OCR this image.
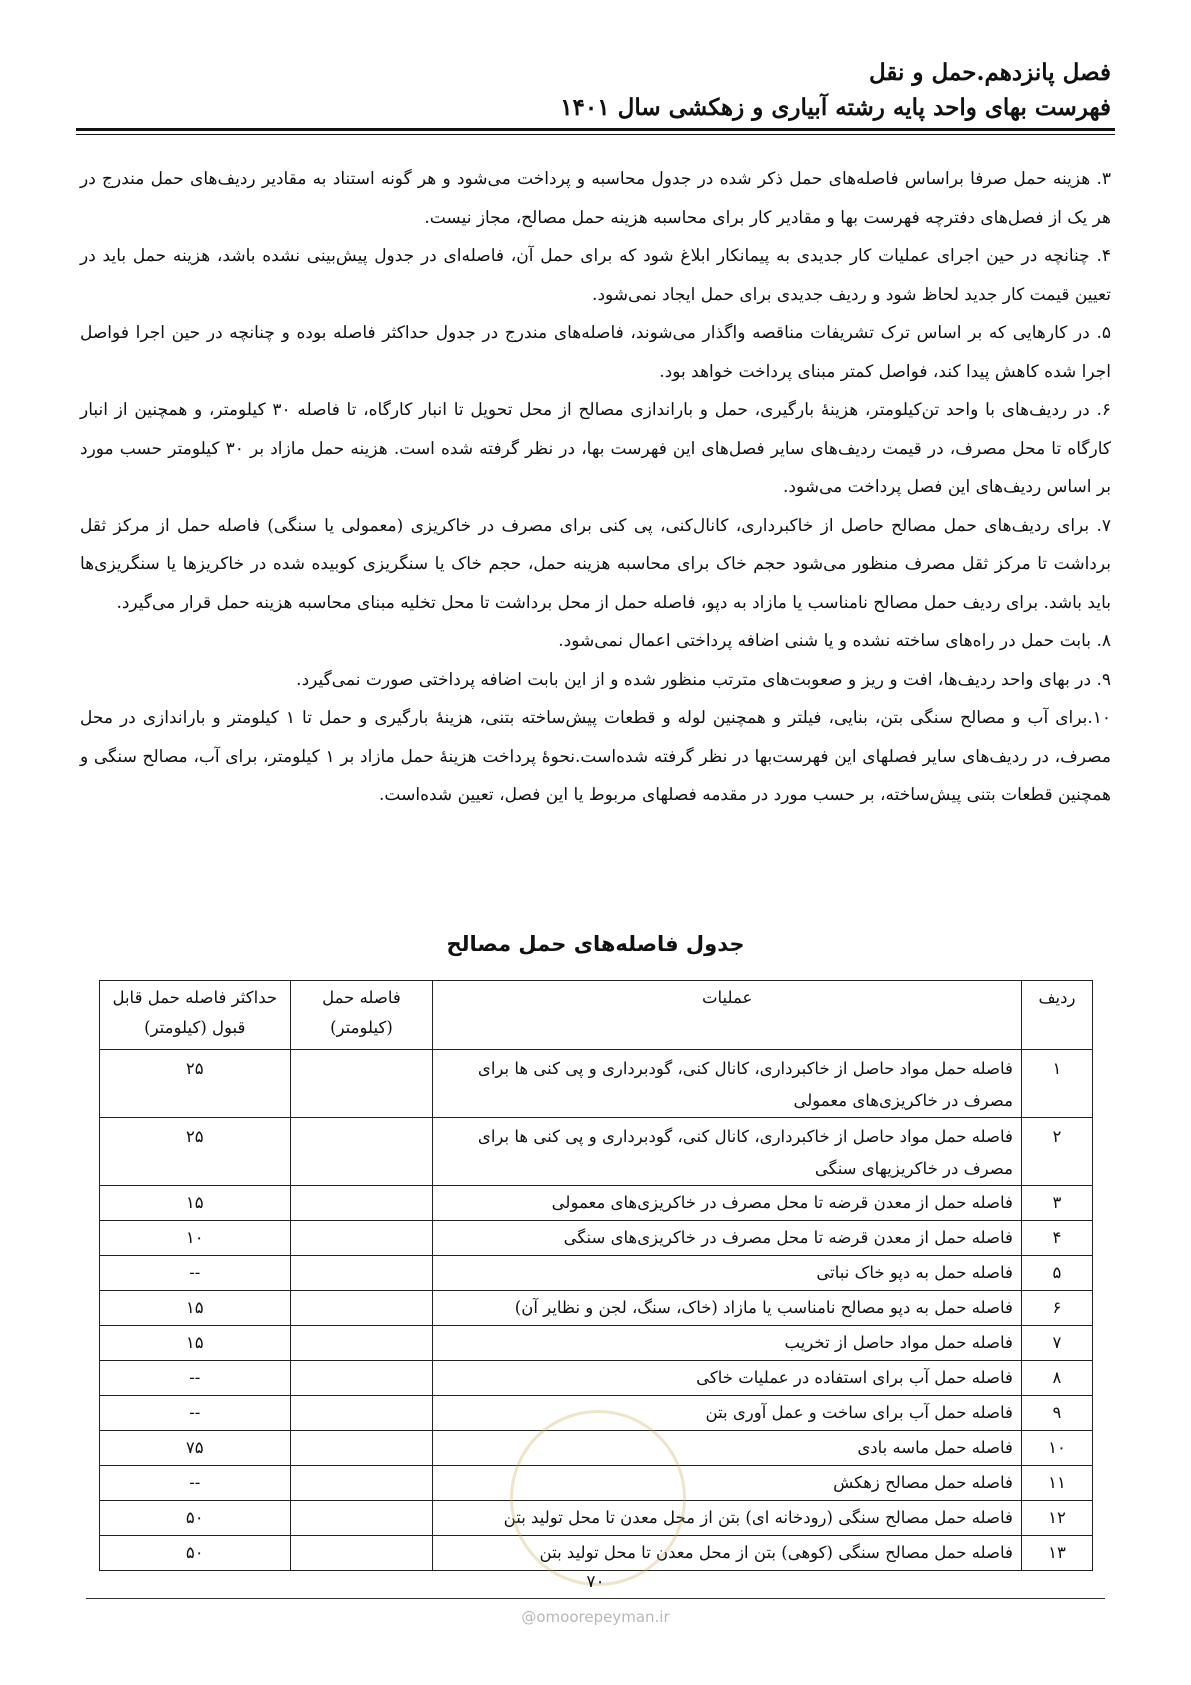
فصل پانزدهم.حمل و نقل
فهرست بهای واحد پایه رشته آبیاری و زهکشی سال ۱۴۰۱

۳. هزینه حمل صرفا براساس فاصله‌های حمل ذکر شده در جدول محاسبه و پرداخت می‌شود و هر گونه استناد به مقادیر ردیف‌های حمل مندرج در هر یک از فصل‌های دفترچه فهرست بها و مقادیر کار برای محاسبه هزینه حمل مصالح، مجاز نیست.

۴. چنانچه در حین اجرای عملیات کار جدیدی به پیمانکار ابلاغ شود که برای حمل آن، فاصله‌ای در جدول پیش‌بینی نشده باشد، هزینه حمل باید در تعیین قیمت کار جدید لحاظ شود و ردیف جدیدی برای حمل ایجاد نمی‌شود.

۵. در کارهایی که بر اساس ترک تشریفات مناقصه واگذار می‌شوند، فاصله‌های مندرج در جدول حداکثر فاصله بوده و چنانچه در حین اجرا فواصل اجرا شده کاهش پیدا کند، فواصل کمتر مبنای پرداخت خواهد بود.

۶. در ردیف‌های با واحد تن‌کیلومتر، هزینهٔ بارگیری، حمل و باراندازی مصالح از محل تحویل تا انبار کارگاه، تا فاصله ۳۰ کیلومتر، و همچنین از انبار کارگاه تا محل مصرف، در قیمت ردیف‌های سایر فصل‌های این فهرست بها، در نظر گرفته شده است. هزینه حمل مازاد بر ۳۰ کیلومتر حسب مورد بر اساس ردیف‌های این فصل پرداخت می‌شود.

۷. برای ردیف‌های حمل مصالح حاصل از خاکبرداری، کانال‌کنی، پی کنی برای مصرف در خاکریزی (معمولی یا سنگی) فاصله حمل از مرکز ثقل برداشت تا مرکز ثقل مصرف منظور می‌شود حجم خاک برای محاسبه هزینه حمل، حجم خاک یا سنگریزی کوبیده شده در خاکریزها یا سنگریزی‌ها باید باشد. برای ردیف حمل مصالح نامناسب یا مازاد به دپو، فاصله حمل از محل برداشت تا محل تخلیه مبنای محاسبه هزینه حمل قرار می‌گیرد.

۸. بابت حمل در راه‌های ساخته نشده و یا شنی اضافه پرداختی اعمال نمی‌شود.

۹. در بهای واحد ردیف‌ها، افت و ریز و صعوبت‌های مترتب منظور شده و از این بابت اضافه پرداختی صورت نمی‌گیرد.

۱۰.برای آب و مصالح سنگی بتن، بنایی، فیلتر و همچنین لوله و قطعات پیش‌ساخته بتنی، هزینهٔ بارگیری و حمل تا ۱ کیلومتر و باراندازی در محل مصرف، در ردیف‌های سایر فصلهای این فهرست‌بها در نظر گرفته شده‌است.نحوهٔ پرداخت هزینهٔ حمل مازاد بر ۱ کیلومتر، برای آب، مصالح سنگی و همچنین قطعات بتنی پیش‌ساخته، بر حسب مورد در مقدمه فصلهای مربوط یا این فصل، تعیین شده‌است.

جدول فاصله‌های حمل مصالح
ردیف	عملیات	فاصله حمل (کیلومتر)	حداکثر فاصله حمل قابل قبول (کیلومتر)
۱	فاصله حمل مواد حاصل از خاکبرداری، کانال کنی، گودبرداری و پی کنی ها برای مصرف در خاکریزی‌های معمولی		۲۵
۲	فاصله حمل مواد حاصل از خاکبرداری، کانال کنی، گودبرداری و پی کنی ها برای مصرف در خاکریزیهای سنگی		۲۵
۳	فاصله حمل از معدن قرضه تا محل مصرف در خاکریزی‌های معمولی		۱۵
۴	فاصله حمل از معدن قرضه تا محل مصرف در خاکریزی‌های سنگی		۱۰
۵	فاصله حمل به دپو خاک نباتی		--
۶	فاصله حمل به دپو مصالح نامناسب یا مازاد (خاک، سنگ، لجن و نظایر آن)		۱۵
۷	فاصله حمل مواد حاصل از تخریب		۱۵
۸	فاصله حمل آب برای استفاده در عملیات خاکی		--
۹	فاصله حمل آب برای ساخت و عمل آوری بتن		--
۱۰	فاصله حمل ماسه بادی		۷۵
۱۱	فاصله حمل مصالح زهکش		--
۱۲	فاصله حمل مصالح سنگی (رودخانه ای) بتن از محل معدن تا محل تولید بتن		۵۰
۱۳	فاصله حمل مصالح سنگی (کوهی) بتن از محل معدن تا محل تولید بتن		۵۰
۷۰
@omoorepeyman.ir
